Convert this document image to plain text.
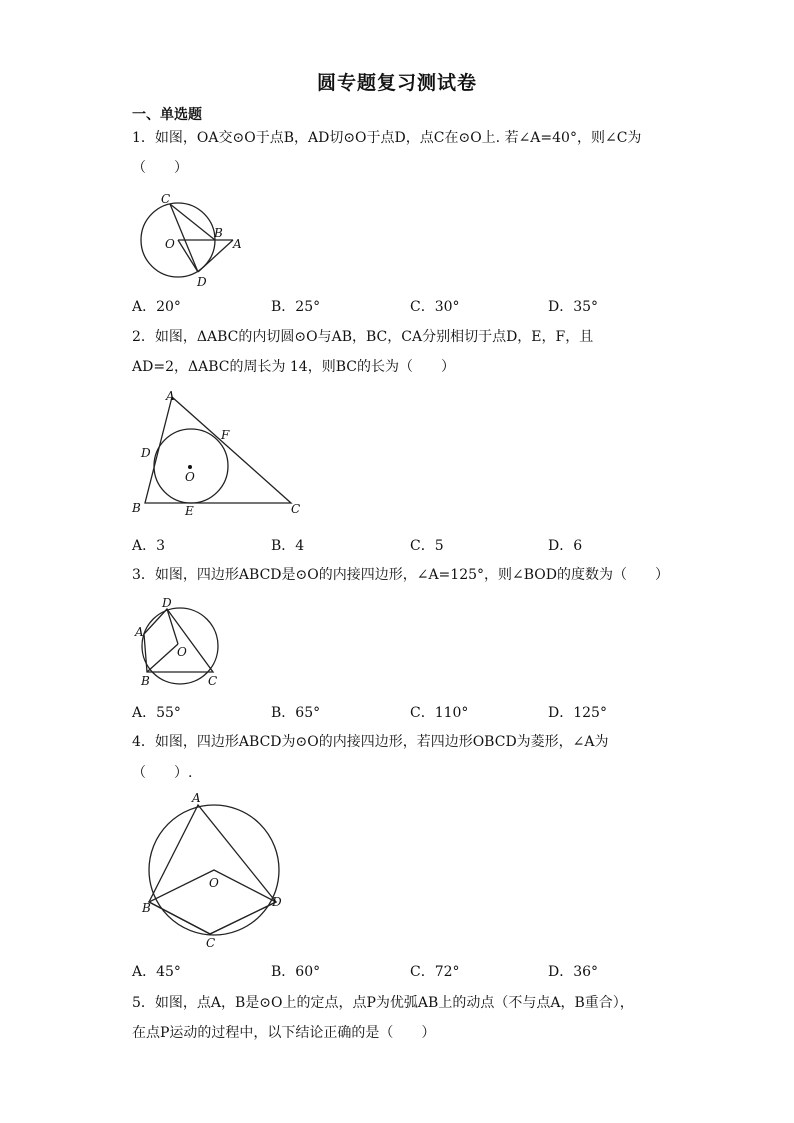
圆专题复习测试卷
一、单选题
1．如图，OA交⊙O于点B，AD切⊙O于点D，点C在⊙O上. 若∠A=40°，则∠C为
（　　）
C
O
B
A
D
A．20°	B．25°	C．30°	D．35°
2．如图，ΔABC的内切圆⊙O与AB，BC，CA分别相切于点D，E，F，且
AD=2，ΔABC的周长为 14，则BC的长为（　　）
A
F
D
O
B	E	C
A．3	B．4	C．5	D．6
3．如图，四边形ABCD是⊙O的内接四边形，∠A=125°，则∠BOD的度数为（　　）
D
A
O
B	C
A．55°	B．65°	C．110°	D．125°
4．如图，四边形ABCD为⊙O的内接四边形，若四边形OBCD为菱形，∠A为
（　　）.
A
O
B	D
C
A．45°	B．60°	C．72°	D．36°
5．如图，点A，B是⊙O上的定点，点P为优弧AB上的动点（不与点A，B重合），
在点P运动的过程中，以下结论正确的是（　　）
